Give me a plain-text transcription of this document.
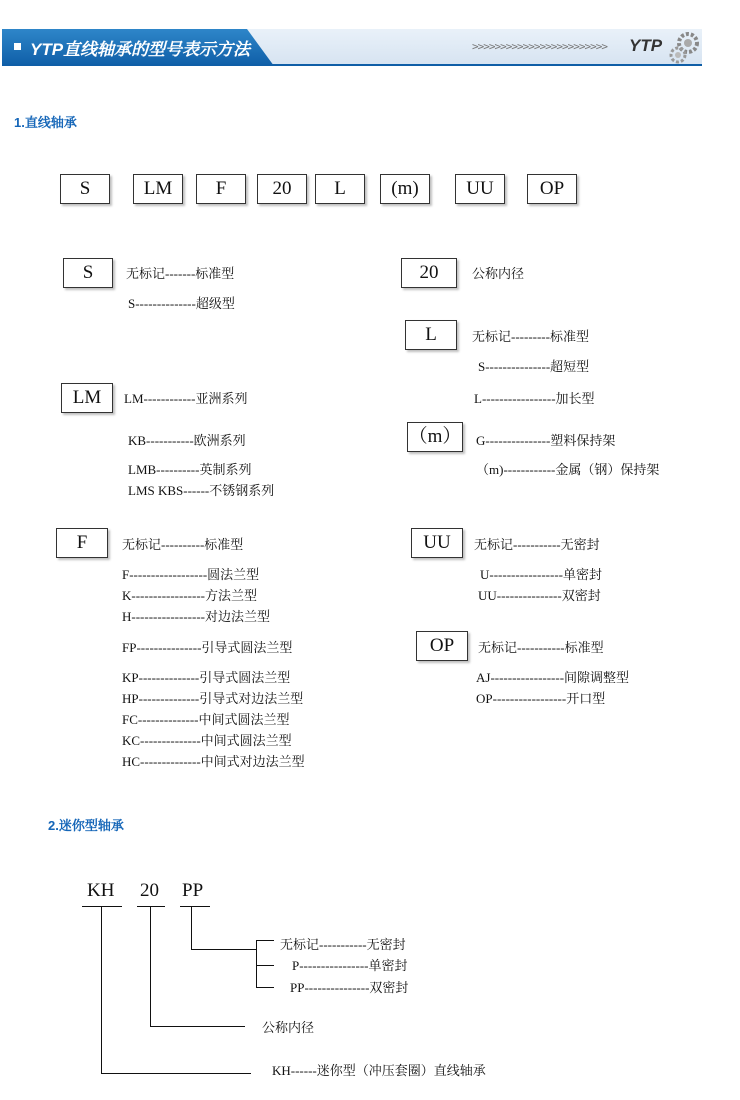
YTP直线轴承的型号表示方法	>>>>>>>>>>>>>>>>>>>>>>>> YTP
1.直线轴承
S	LM	F	20	L	(m)	UU	OP
S	无标记-------标准型
S--------------超级型
LM	LM------------亚洲系列
KB-----------欧洲系列
LMB----------英制系列
LMS KBS------不锈钢系列
F	无标记----------标准型
F------------------圆法兰型
K-----------------方法兰型
H-----------------对边法兰型
FP---------------引导式圆法兰型
KP--------------引导式圆法兰型
HP--------------引导式对边法兰型
FC--------------中间式圆法兰型
KC--------------中间式圆法兰型
HC--------------中间式对边法兰型
20	公称内径
L	无标记---------标准型
S---------------超短型
L-----------------加长型
（m） G---------------塑料保持架
（m)------------金属（钢）保持架
UU	无标记-----------无密封
U-----------------单密封
UU---------------双密封
OP	无标记-----------标准型
AJ-----------------间隙调整型
OP-----------------开口型
2.迷你型轴承
KH 20 PP
无标记-----------无密封
P----------------单密封
PP---------------双密封
公称内径
KH------迷你型（冲压套圈）直线轴承
